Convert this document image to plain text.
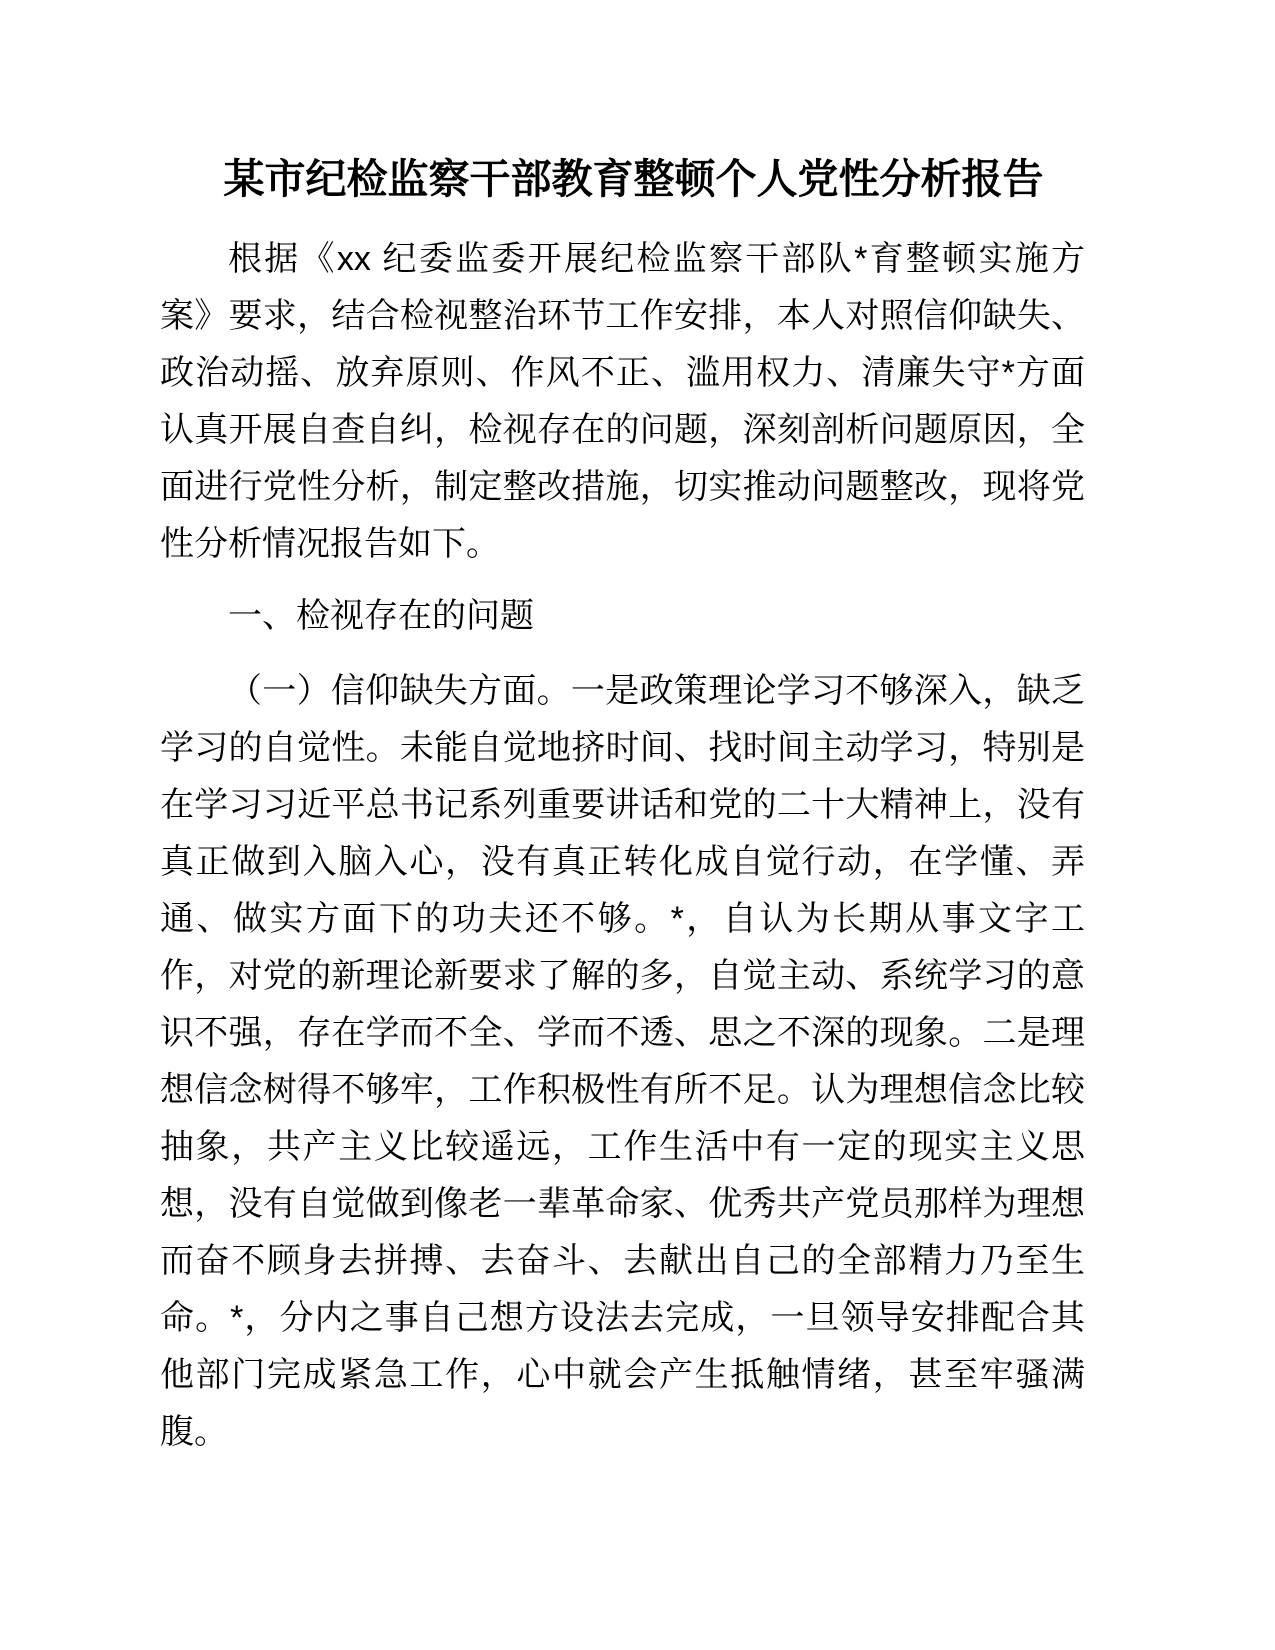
某市纪检监察干部教育整顿个人党性分析报告
根据《xx 纪委监委开展纪检监察干部队*育整顿实施方
案》要求，结合检视整治环节工作安排，本人对照信仰缺失、
政治动摇、放弃原则、作风不正、滥用权力、清廉失守*方面
认真开展自查自纠，检视存在的问题，深刻剖析问题原因，全
面进行党性分析，制定整改措施，切实推动问题整改，现将党
性分析情况报告如下。
一、检视存在的问题
（一）信仰缺失方面。一是政策理论学习不够深入，缺乏
学习的自觉性。未能自觉地挤时间、找时间主动学习，特别是
在学习习近平总书记系列重要讲话和党的二十大精神上，没有
真正做到入脑入心，没有真正转化成自觉行动，在学懂、弄
通、做实方面下的功夫还不够。*，自认为长期从事文字工
作，对党的新理论新要求了解的多，自觉主动、系统学习的意
识不强，存在学而不全、学而不透、思之不深的现象。二是理
想信念树得不够牢，工作积极性有所不足。认为理想信念比较
抽象，共产主义比较遥远，工作生活中有一定的现实主义思
想，没有自觉做到像老一辈革命家、优秀共产党员那样为理想
而奋不顾身去拼搏、去奋斗、去献出自己的全部精力乃至生
命。*，分内之事自己想方设法去完成，一旦领导安排配合其
他部门完成紧急工作，心中就会产生抵触情绪，甚至牢骚满
腹。
